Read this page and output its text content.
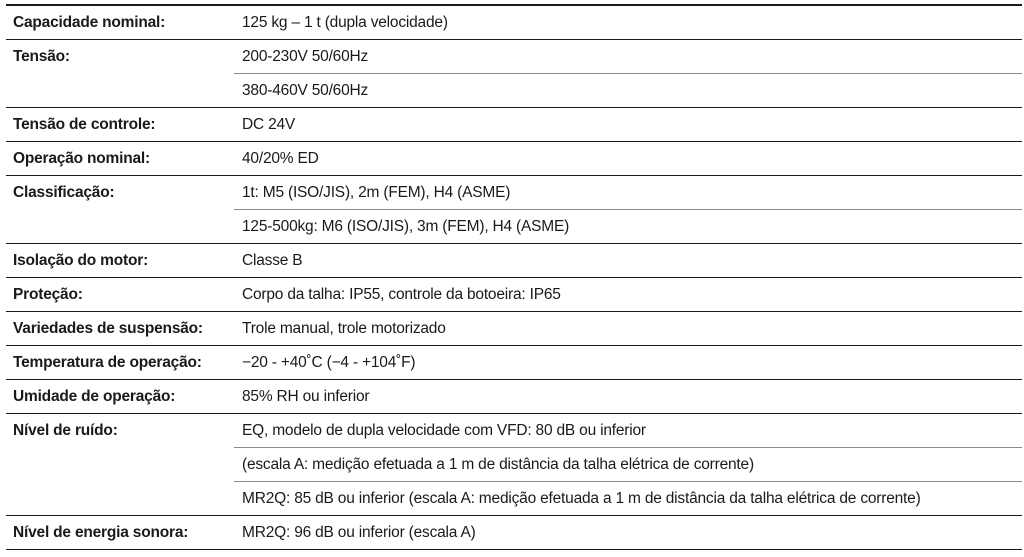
Capacidade nominal:	125 kg – 1 t (dupla velocidade)
Tensão:	200-230V 50/60Hz
380-460V 50/60Hz
Tensão de controle:	DC 24V
Operação nominal:	40/20% ED
Classificação:	1t: M5 (ISO/JIS), 2m (FEM), H4 (ASME)
125-500kg: M6 (ISO/JIS), 3m (FEM), H4 (ASME)
Isolação do motor:	Classe B
Proteção:	Corpo da talha: IP55, controle da botoeira: IP65
Variedades de suspensão:	Trole manual, trole motorizado
Temperatura de operação:	−20 - +40˚C (−4 - +104˚F)
Umidade de operação:	85% RH ou inferior
Nível de ruído:	EQ, modelo de dupla velocidade com VFD: 80 dB ou inferior
(escala A: medição efetuada a 1 m de distância da talha elétrica de corrente)
MR2Q: 85 dB ou inferior (escala A: medição efetuada a 1 m de distância da talha elétrica de corrente)
Nível de energia sonora:	MR2Q: 96 dB ou inferior (escala A)
